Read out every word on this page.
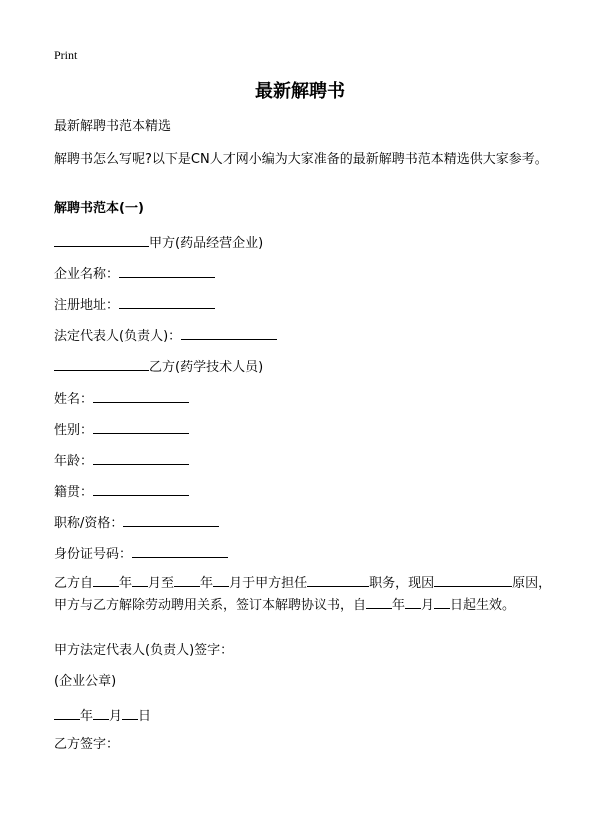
Print
最新解聘书
最新解聘书范本精选
解聘书怎么写呢?以下是CN人才网小编为大家准备的最新解聘书范本精选供大家参考。
解聘书范本(一)
甲方(药品经营企业)
企业名称：
注册地址：
法定代表人(负责人)：
乙方(药学技术人员)
姓名：
性别：
年龄：
籍贯：
职称/资格：
身份证号码：
乙方自 年 月至 年 月于甲方担任	职务，现因	原因，甲方与乙方解除劳动聘用关系，签订本解聘协议书，自 年 月 日起生效。
甲方法定代表人(负责人)签字：
(企业公章)
年 月 日
乙方签字：
